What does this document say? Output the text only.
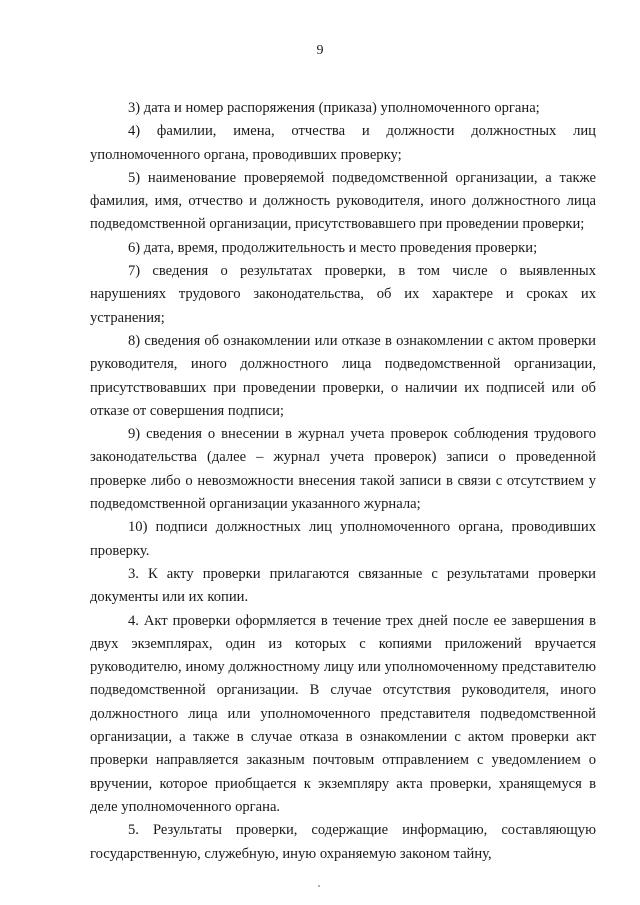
9

3) дата и номер распоряжения (приказа) уполномоченного органа;

4) фамилии, имена, отчества и должности должностных лиц уполномоченного органа, проводивших проверку;

5) наименование проверяемой подведомственной организации, а также фамилия, имя, отчество и должность руководителя, иного должностного лица подведомственной организации, присутствовавшего при проведении проверки;

6) дата, время, продолжительность и место проведения проверки;

7) сведения о результатах проверки, в том числе о выявленных нарушениях трудового законодательства, об их характере и сроках их устранения;

8) сведения об ознакомлении или отказе в ознакомлении с актом проверки руководителя, иного должностного лица подведомственной организации, присутствовавших при проведении проверки, о наличии их подписей или об отказе от совершения подписи;

9) сведения о внесении в журнал учета проверок соблюдения трудового законодательства (далее – журнал учета проверок) записи о проведенной проверке либо о невозможности внесения такой записи в связи с отсутствием у подведомственной организации указанного журнала;

10) подписи должностных лиц уполномоченного органа, проводивших проверку.

3. К акту проверки прилагаются связанные с результатами проверки документы или их копии.

4. Акт проверки оформляется в течение трех дней после ее завершения в двух экземплярах, один из которых с копиями приложений вручается руководителю, иному должностному лицу или уполномоченному представителю подведомственной организации. В случае отсутствия руководителя, иного должностного лица или уполномоченного представителя подведомственной организации, а также в случае отказа в ознакомлении с актом проверки акт проверки направляется заказным почтовым отправлением с уведомлением о вручении, которое приобщается к экземпляру акта проверки, хранящемуся в деле уполномоченного органа.

5. Результаты проверки, содержащие информацию, составляющую государственную, служебную, иную охраняемую законом тайну,
